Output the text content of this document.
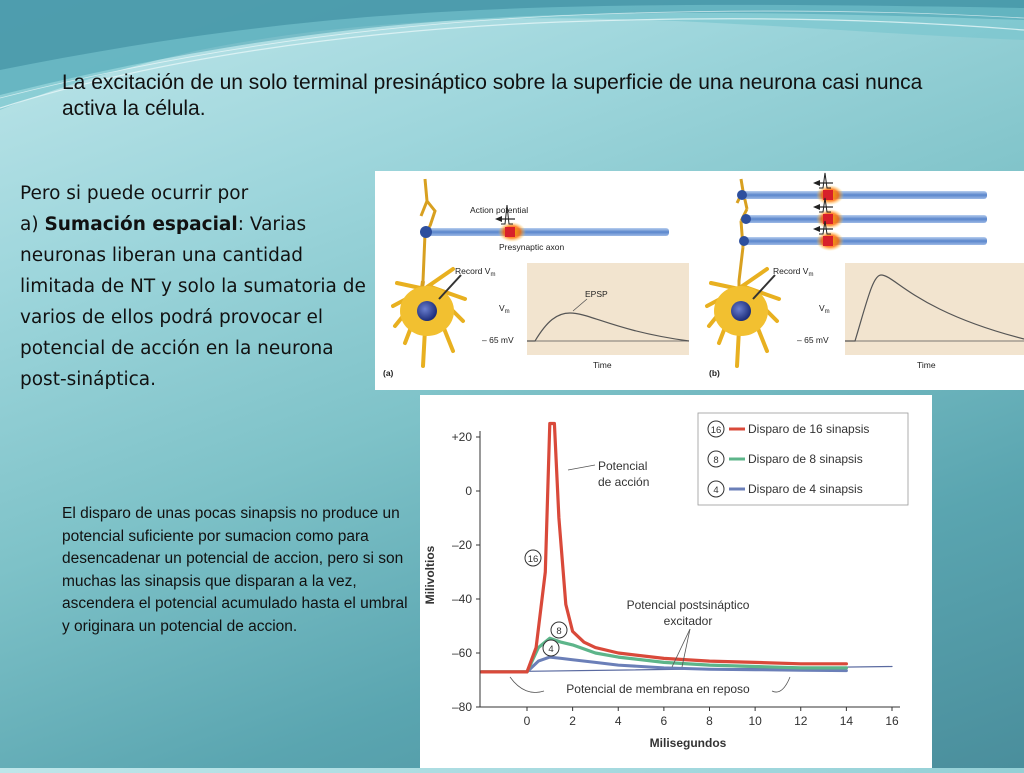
La excitación de un solo terminal presináptico sobre la superficie de una neurona casi nunca activa la célula.
Pero si puede ocurrir por
a) Sumación espacial: Varias neuronas liberan una cantidad limitada de NT y solo la sumatoria de varios de ellos podrá provocar el potencial de acción en la neurona post-sináptica.
Record $V_m$
Action potential
Presynaptic axon
EPSP
$V_m$
– 65 mV
Time
(a)
Record $V_m$
$V_m$
– 65 mV
Time
(b)
El disparo de unas pocas sinapsis no produce un potencial suficiente por sumacion como para desencadenar un potencial de accion, pero si son muchas las sinapsis que disparan a la vez, ascendera el potencial acumulado hasta el umbral y originara un potencial de accion.
+20
0
–20
–40
–60
–80
0	2	4	6	8	10	12	14	16
Milivoltios
Milisegundos
16 Disparo de 16 sinapsis
8 Disparo de 8 sinapsis
4 Disparo de 4 sinapsis
Potencial
de acción
Potencial postsináptico
excitador
Potencial de membrana en reposo
16
8
4
